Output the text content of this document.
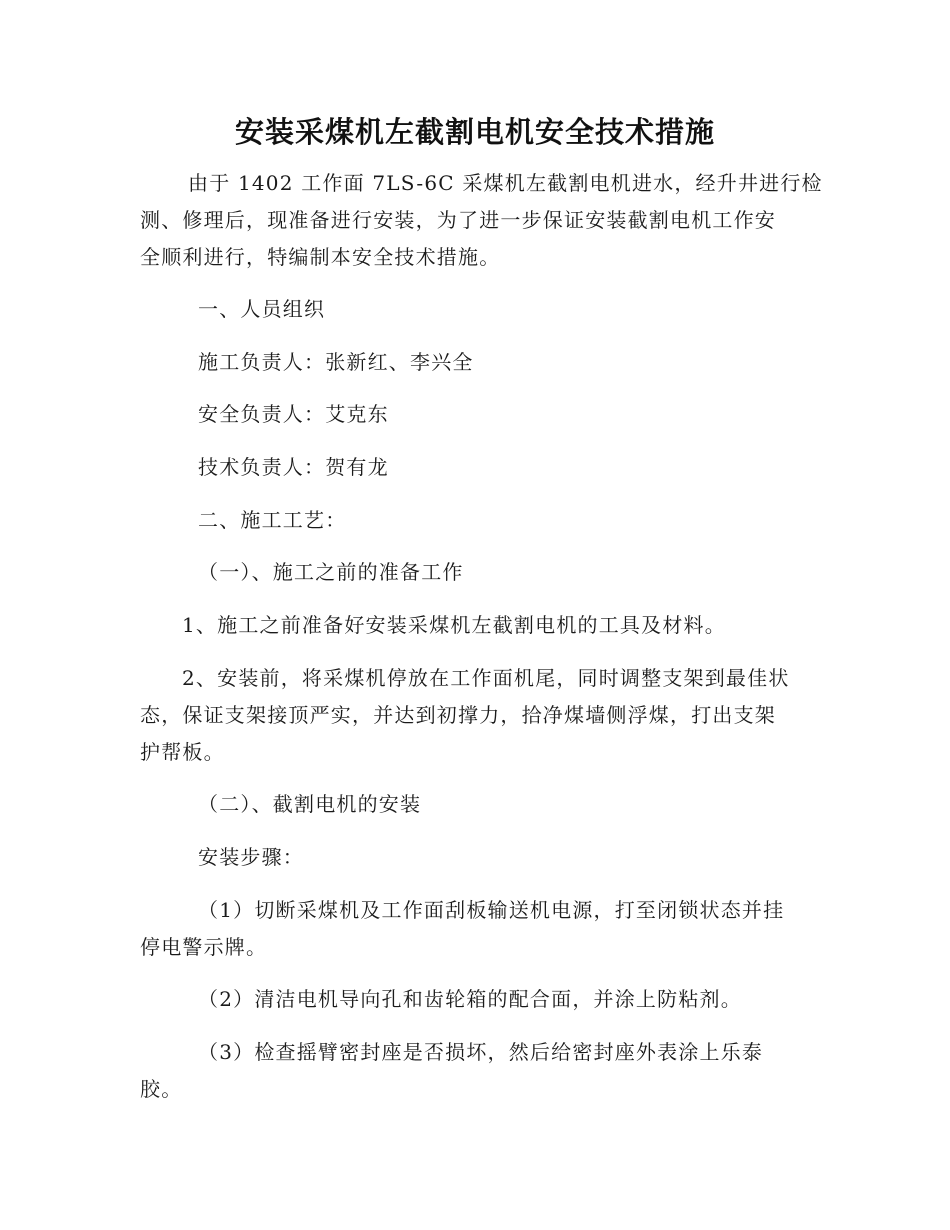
安装采煤机左截割电机安全技术措施
由于 1402 工作面 7LS-6C 采煤机左截割电机进水，经升井进行检
测、修理后，现准备进行安装，为了进一步保证安装截割电机工作安
全顺利进行，特编制本安全技术措施。
一、人员组织
施工负责人：张新红、李兴全
安全负责人：艾克东
技术负责人：贺有龙
二、施工工艺：
（一）、施工之前的准备工作
1、施工之前准备好安装采煤机左截割电机的工具及材料。
2、安装前，将采煤机停放在工作面机尾，同时调整支架到最佳状
态，保证支架接顶严实，并达到初撑力，拾净煤墙侧浮煤，打出支架
护帮板。
（二）、截割电机的安装
安装步骤：
（1）切断采煤机及工作面刮板输送机电源，打至闭锁状态并挂
停电警示牌。
（2）清洁电机导向孔和齿轮箱的配合面，并涂上防粘剂。
（3）检查摇臂密封座是否损坏，然后给密封座外表涂上乐泰
胶。
